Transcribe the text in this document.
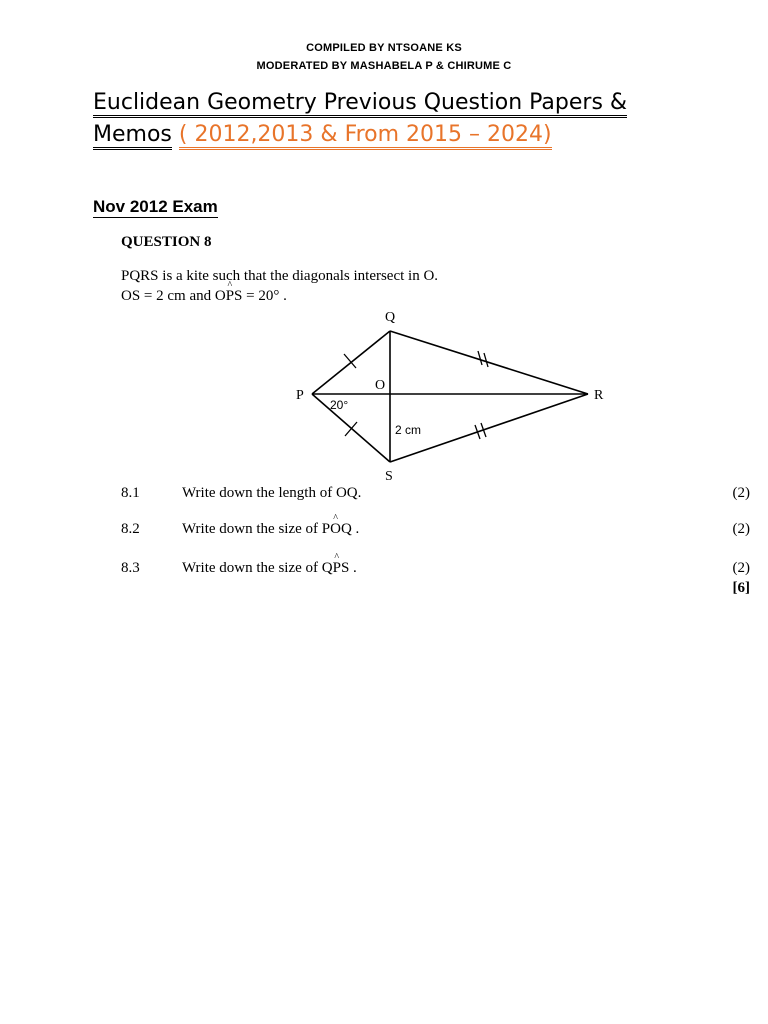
COMPILED BY NTSOANE KS
MODERATED BY MASHABELA P & CHIRUME C
Euclidean Geometry Previous Question Papers &
Memos ( 2012,2013 & From 2015 – 2024)
Nov 2012 Exam
QUESTION 8
PQRS is a kite such that the diagonals intersect in O.
OS = 2 cm and O^ PS = 20° .
Q
P	R
S
O
20°
2 cm
8.1	Write down the length of OQ.	(2)
8.2	Write down the size of P^ OQ .	(2)
8.3	Write down the size of Q^ PS .	(2)
[6]
